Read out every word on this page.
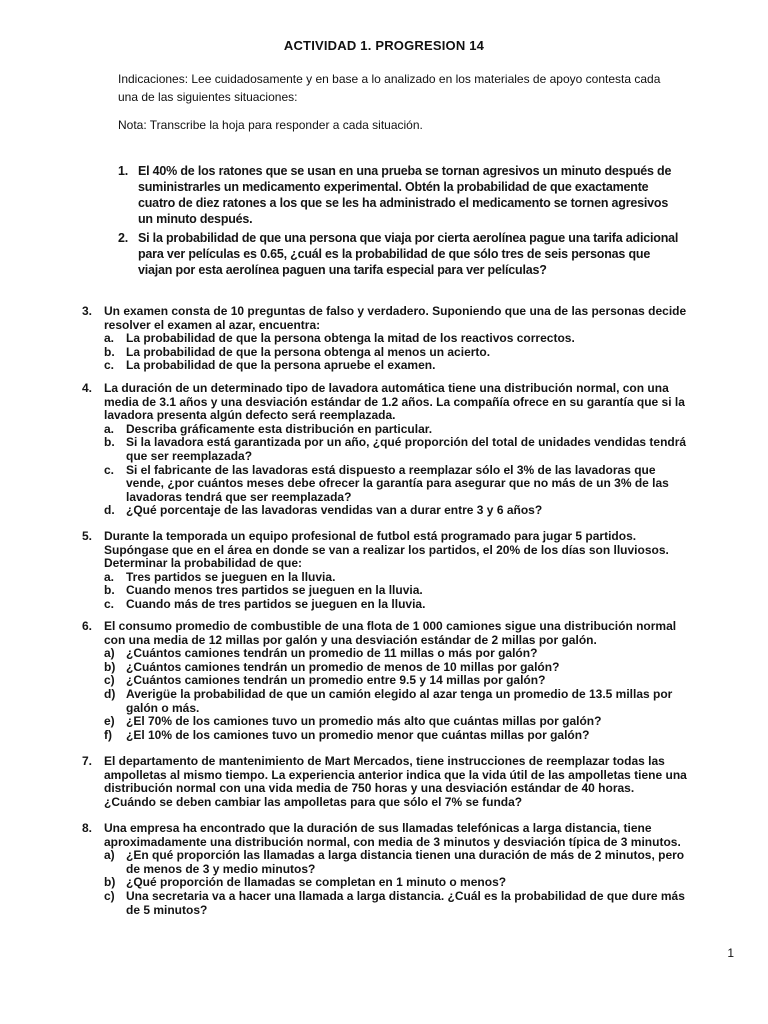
ACTIVIDAD 1. PROGRESION 14
Indicaciones: Lee cuidadosamente y en base a lo analizado en los materiales de apoyo contesta cada una de las siguientes situaciones:
Nota: Transcribe la hoja para responder a cada situación.

1. El 40% de los ratones que se usan en una prueba se tornan agresivos un minuto después de suministrarles un medicamento experimental. Obtén la probabilidad de que exactamente cuatro de diez ratones a los que se les ha administrado el medicamento se tornen agresivos un minuto después.
2. Si la probabilidad de que una persona que viaja por cierta aerolínea pague una tarifa adicional para ver películas es 0.65, ¿cuál es la probabilidad de que sólo tres de seis personas que viajan por esta aerolínea paguen una tarifa especial para ver películas?
3. Un examen consta de 10 preguntas de falso y verdadero. Suponiendo que una de las personas decide resolver el examen al azar, encuentra:
a. La probabilidad de que la persona obtenga la mitad de los reactivos correctos.
b. La probabilidad de que la persona obtenga al menos un acierto.
c. La probabilidad de que la persona apruebe el examen.
4. La duración de un determinado tipo de lavadora automática tiene una distribución normal, con una media de 3.1 años y una desviación estándar de 1.2 años. La compañía ofrece en su garantía que si la lavadora presenta algún defecto será reemplazada.
a. Describa gráficamente esta distribución en particular.
b. Si la lavadora está garantizada por un año, ¿qué proporción del total de unidades vendidas tendrá que ser reemplazada?
c. Si el fabricante de las lavadoras está dispuesto a reemplazar sólo el 3% de las lavadoras que vende, ¿por cuántos meses debe ofrecer la garantía para asegurar que no más de un 3% de las lavadoras tendrá que ser reemplazada?
d. ¿Qué porcentaje de las lavadoras vendidas van a durar entre 3 y 6 años?
5. Durante la temporada un equipo profesional de futbol está programado para jugar 5 partidos. Supóngase que en el área en donde se van a realizar los partidos, el 20% de los días son lluviosos. Determinar la probabilidad de que:
a. Tres partidos se jueguen en la lluvia.
b. Cuando menos tres partidos se jueguen en la lluvia.
c. Cuando más de tres partidos se jueguen en la lluvia.
6. El consumo promedio de combustible de una flota de 1 000 camiones sigue una distribución normal con una media de 12 millas por galón y una desviación estándar de 2 millas por galón.
a) ¿Cuántos camiones tendrán un promedio de 11 millas o más por galón?
b) ¿Cuántos camiones tendrán un promedio de menos de 10 millas por galón?
c) ¿Cuántos camiones tendrán un promedio entre 9.5 y 14 millas por galón?
d) Averigüe la probabilidad de que un camión elegido al azar tenga un promedio de 13.5 millas por galón o más.
e) ¿El 70% de los camiones tuvo un promedio más alto que cuántas millas por galón?
f)	¿El 10% de los camiones tuvo un promedio menor que cuántas millas por galón?
7. El departamento de mantenimiento de Mart Mercados, tiene instrucciones de reemplazar todas las ampolletas al mismo tiempo. La experiencia anterior indica que la vida útil de las ampolletas tiene una distribución normal con una vida media de 750 horas y una desviación estándar de 40 horas. ¿Cuándo se deben cambiar las ampolletas para que sólo el 7% se funda?
8. Una empresa ha encontrado que la duración de sus llamadas telefónicas a larga distancia, tiene aproximadamente una distribución normal, con media de 3 minutos y desviación típica de 3 minutos.
a) ¿En qué proporción las llamadas a larga distancia tienen una duración de más de 2 minutos, pero de menos de 3 y medio minutos?
b) ¿Qué proporción de llamadas se completan en 1 minuto o menos?
c) Una secretaria va a hacer una llamada a larga distancia. ¿Cuál es la probabilidad de que dure más de 5 minutos?
1
